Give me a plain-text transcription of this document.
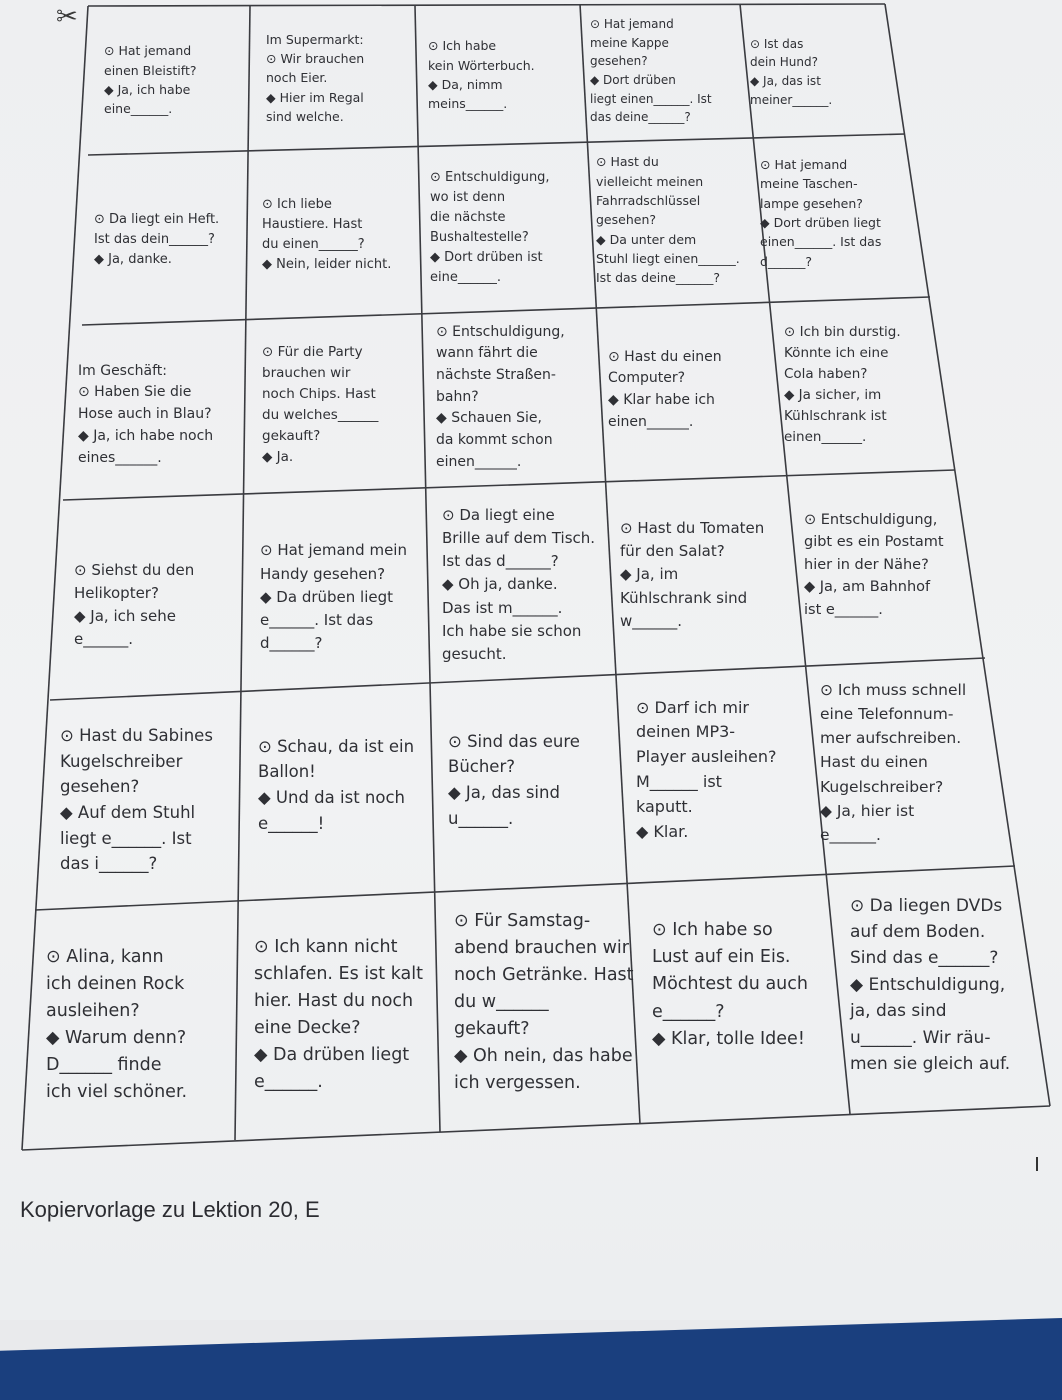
✂
⊙ Hat jemand
einen Bleistift?
◆ Ja, ich habe
eine______.
Im Supermarkt:
⊙ Wir brauchen
noch Eier.
◆ Hier im Regal
sind welche.
⊙ Ich habe
kein Wörterbuch.
◆ Da, nimm
meins______.
⊙ Hat jemand
meine Kappe
gesehen?
◆ Dort drüben
liegt einen______. Ist
das deine______?
⊙ Ist das
dein Hund?
◆ Ja, das ist
meiner______.
⊙ Da liegt ein Heft.
Ist das dein______?
◆ Ja, danke.
⊙ Ich liebe
Haustiere. Hast
du einen______?
◆ Nein, leider nicht.
⊙ Entschuldigung,
wo ist denn
die nächste
Bushaltestelle?
◆ Dort drüben ist
eine______.
⊙ Hast du
vielleicht meinen
Fahrradschlüssel
gesehen?
◆ Da unter dem
Stuhl liegt einen______.
Ist das deine______?
⊙ Hat jemand
meine Taschen-
lampe gesehen?
◆ Dort drüben liegt
einen______. Ist das
d______?
Im Geschäft:
⊙ Haben Sie die
Hose auch in Blau?
◆ Ja, ich habe noch
eines______.
⊙ Für die Party
brauchen wir
noch Chips. Hast
du welches______
gekauft?
◆ Ja.
⊙ Entschuldigung,
wann fährt die
nächste Straßen-
bahn?
◆ Schauen Sie,
da kommt schon
einen______.
⊙ Hast du einen
Computer?
◆ Klar habe ich
einen______.
⊙ Ich bin durstig.
Könnte ich eine
Cola haben?
◆ Ja sicher, im
Kühlschrank ist
einen______.
⊙ Siehst du den
Helikopter?
◆ Ja, ich sehe
e______.
⊙ Hat jemand mein
Handy gesehen?
◆ Da drüben liegt
e______. Ist das
d______?
⊙ Da liegt eine
Brille auf dem Tisch.
Ist das d______?
◆ Oh ja, danke.
Das ist m______.
Ich habe sie schon
gesucht.
⊙ Hast du Tomaten
für den Salat?
◆ Ja, im
Kühlschrank sind
w______.
⊙ Entschuldigung,
gibt es ein Postamt
hier in der Nähe?
◆ Ja, am Bahnhof
ist e______.
⊙ Hast du Sabines
Kugelschreiber
gesehen?
◆ Auf dem Stuhl
liegt e______. Ist
das i______?
⊙ Schau, da ist ein
Ballon!
◆ Und da ist noch
e______!
⊙ Sind das eure
Bücher?
◆ Ja, das sind
u______.
⊙ Darf ich mir
deinen MP3-
Player ausleihen?
M______ ist
kaputt.
◆ Klar.
⊙ Ich muss schnell
eine Telefonnum-
mer aufschreiben.
Hast du einen
Kugelschreiber?
◆ Ja, hier ist
e______.
⊙ Alina, kann
ich deinen Rock
ausleihen?
◆ Warum denn?
D______ finde
ich viel schöner.
⊙ Ich kann nicht
schlafen. Es ist kalt
hier. Hast du noch
eine Decke?
◆ Da drüben liegt
e______.
⊙ Für Samstag-
abend brauchen wir
noch Getränke. Hast
du w______
gekauft?
◆ Oh nein, das habe
ich vergessen.
⊙ Ich habe so
Lust auf ein Eis.
Möchtest du auch
e______?
◆ Klar, tolle Idee!
⊙ Da liegen DVDs
auf dem Boden.
Sind das e______?
◆ Entschuldigung,
ja, das sind
u______. Wir räu-
men sie gleich auf.
Kopiervorlage zu Lektion 20, E
